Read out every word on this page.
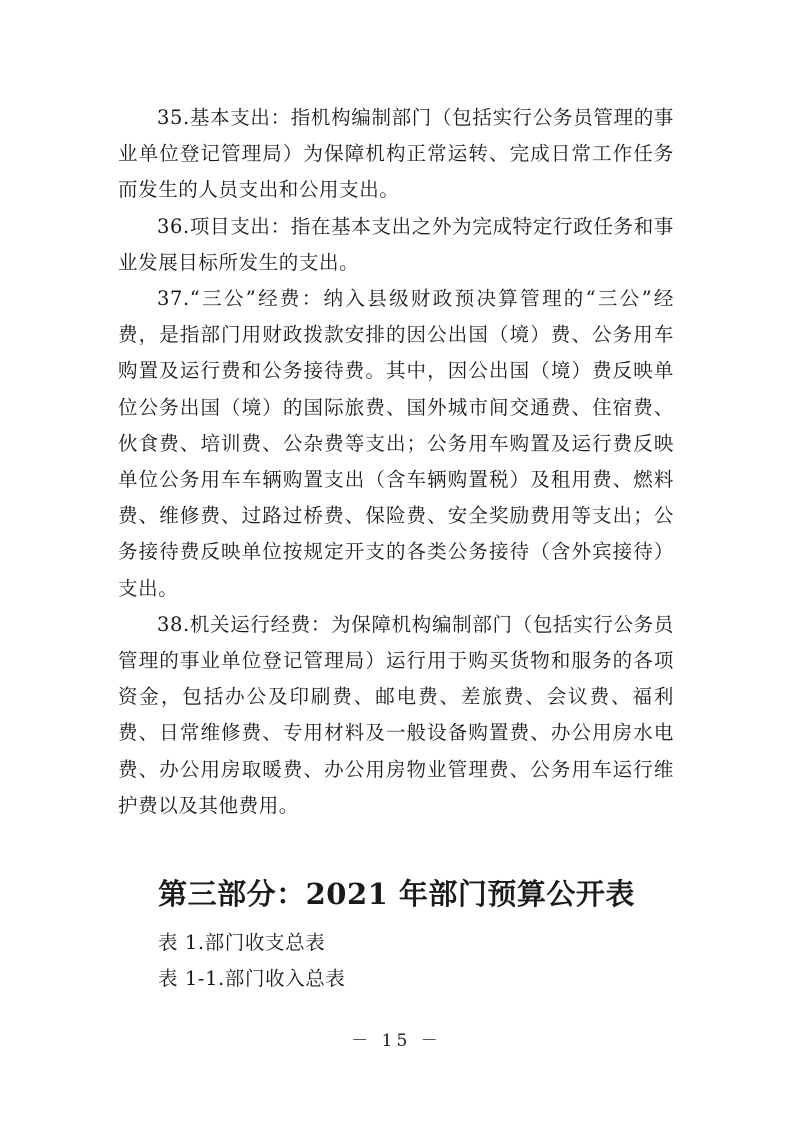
35.基本支出：指机构编制部门（包括实行公务员管理的事业单位登记管理局）为保障机构正常运转、完成日常工作任务而发生的人员支出和公用支出。

36.项目支出：指在基本支出之外为完成特定行政任务和事业发展目标所发生的支出。

37.“三公”经费：纳入县级财政预决算管理的“三公”经费，是指部门用财政拨款安排的因公出国（境）费、公务用车购置及运行费和公务接待费。其中，因公出国（境）费反映单位公务出国（境）的国际旅费、国外城市间交通费、住宿费、伙食费、培训费、公杂费等支出；公务用车购置及运行费反映单位公务用车车辆购置支出（含车辆购置税）及租用费、燃料费、维修费、过路过桥费、保险费、安全奖励费用等支出；公务接待费反映单位按规定开支的各类公务接待（含外宾接待）支出。

38.机关运行经费：为保障机构编制部门（包括实行公务员管理的事业单位登记管理局）运行用于购买货物和服务的各项资金，包括办公及印刷费、邮电费、差旅费、会议费、福利费、日常维修费、专用材料及一般设备购置费、办公用房水电费、办公用房取暖费、办公用房物业管理费、公务用车运行维护费以及其他费用。

第三部分：2021 年部门预算公开表
表 1.部门收支总表
表 1-1.部门收入总表
－ 15 －
